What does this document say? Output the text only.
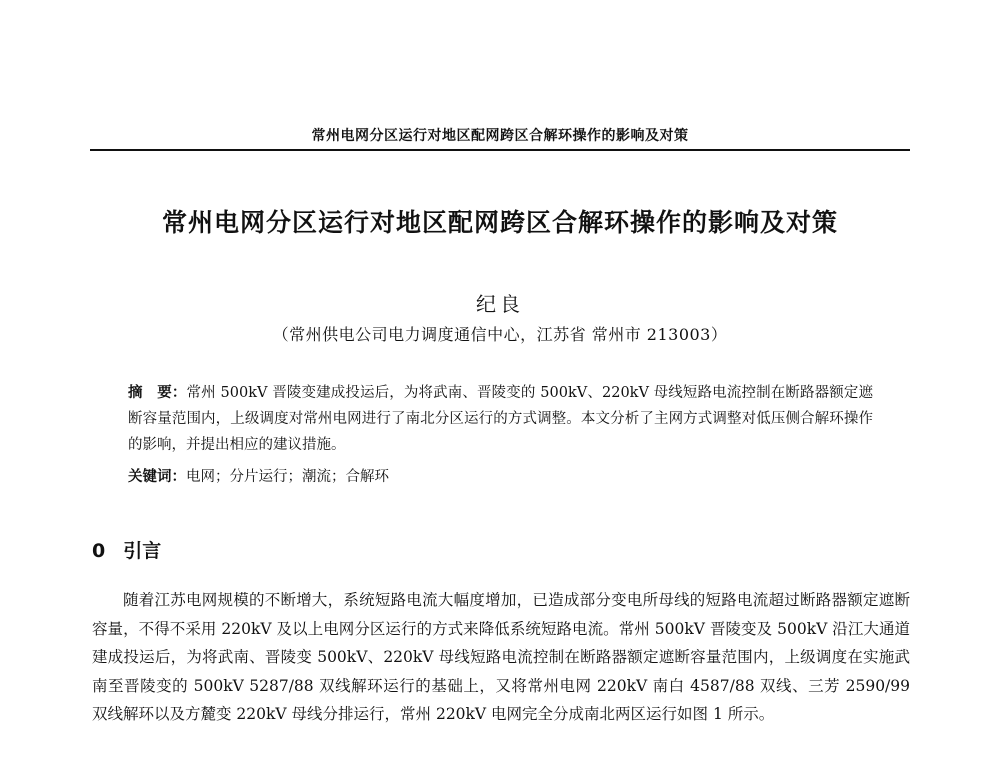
常州电网分区运行对地区配网跨区合解环操作的影响及对策
常州电网分区运行对地区配网跨区合解环操作的影响及对策
纪良
（常州供电公司电力调度通信中心，江苏省 常州市 213003）
摘　要：常州 500kV 晋陵变建成投运后，为将武南、晋陵变的 500kV、220kV 母线短路电流控制在断路器额定遮断容量范围内，上级调度对常州电网进行了南北分区运行的方式调整。本文分析了主网方式调整对低压侧合解环操作的影响，并提出相应的建议措施。
关键词：电网；分片运行；潮流；合解环
0 引言

随着江苏电网规模的不断增大，系统短路电流大幅度增加，已造成部分变电所母线的短路电流超过断路器额定遮断容量，不得不采用 220kV 及以上电网分区运行的方式来降低系统短路电流。常州 500kV 晋陵变及 500kV 沿江大通道建成投运后，为将武南、晋陵变 500kV、220kV 母线短路电流控制在断路器额定遮断容量范围内，上级调度在实施武南至晋陵变的 500kV 5287/88 双线解环运行的基础上，又将常州电网 220kV 南白 4587/88 双线、三芳 2590/99 双线解环以及方麓变 220kV 母线分排运行，常州 220kV 电网完全分成南北两区运行如图 1 所示。
